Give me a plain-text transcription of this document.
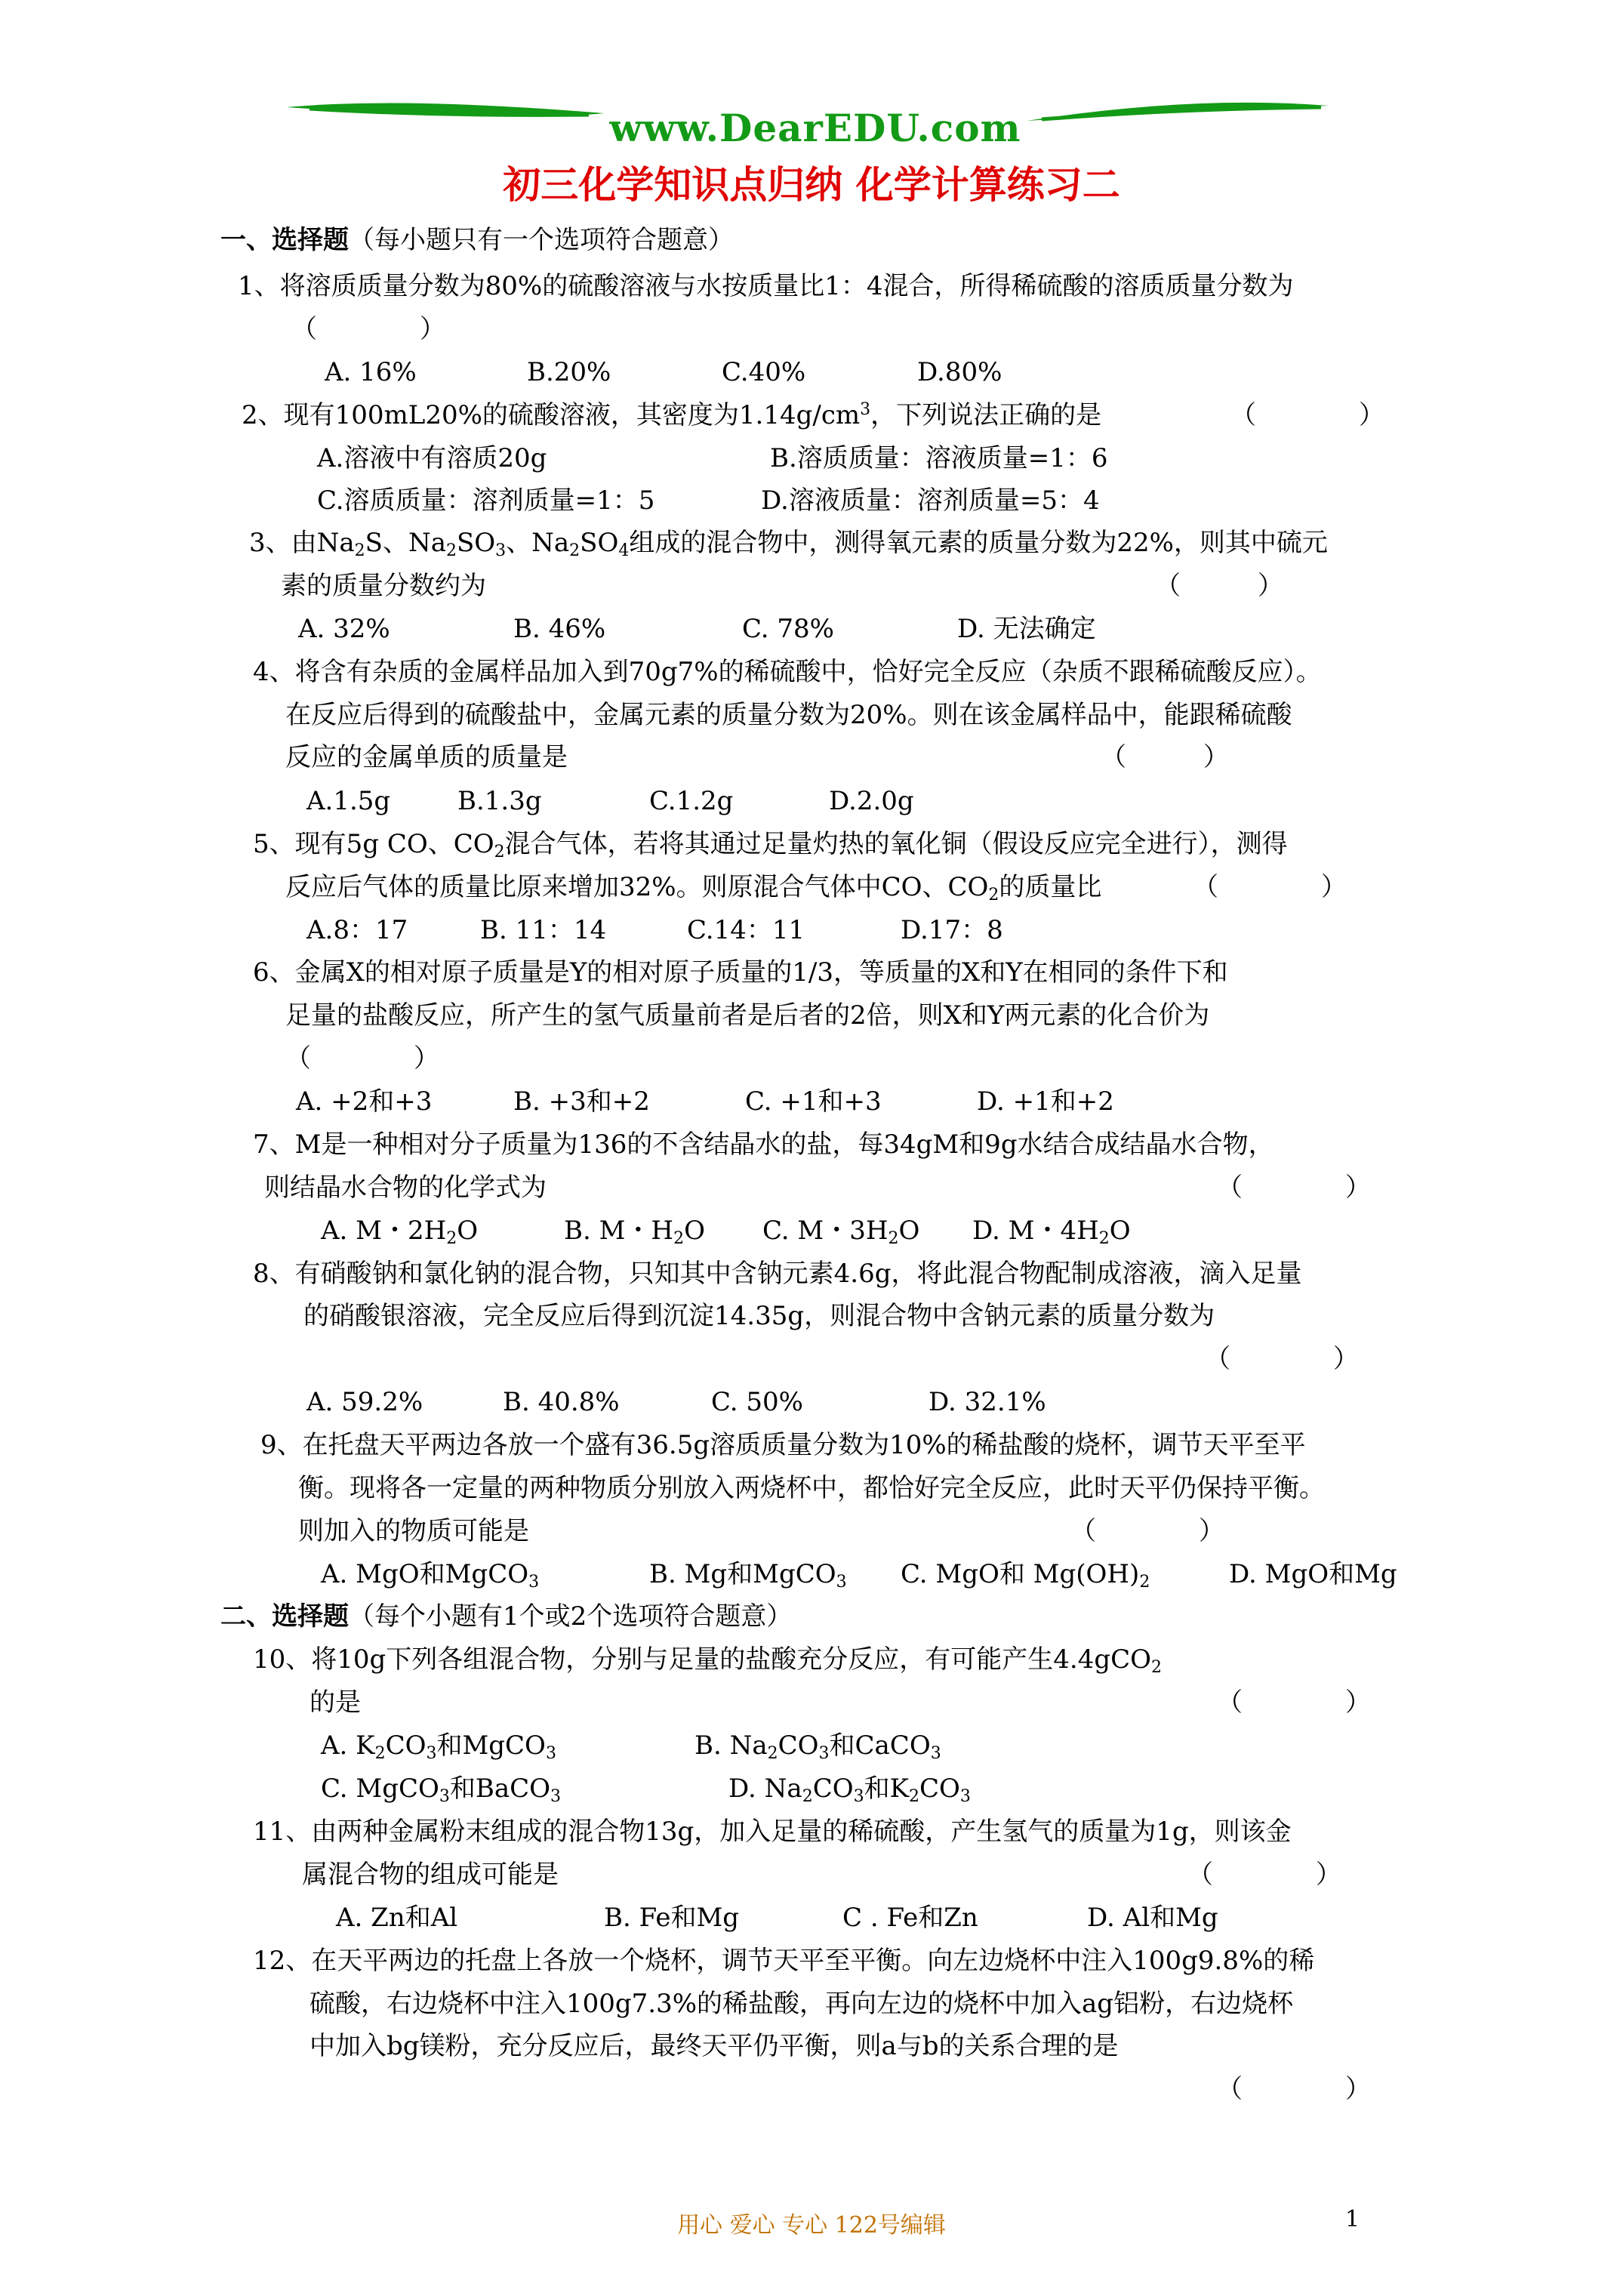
www.DearEDU.com
初三化学知识点归纳 化学计算练习二
一、选择题（每小题只有一个选项符合题意）
1、将溶质质量分数为80%的硫酸溶液与水按质量比1：4混合，所得稀硫酸的溶质质量分数为
（　　　　）
A. 16%	B.20%	C.40%	D.80%
2、现有100mL20%的硫酸溶液，其密度为$1.14g/cm^3$，下列说法正确的是	（　　　　）
A.溶液中有溶质20g	B.溶质质量：溶液质量=1：6
C.溶质质量：溶剂质量=1：5	D.溶液质量：溶剂质量=5：4
3、由$Na_2S$、$Na_2SO_3$、$Na_2SO_4$组成的混合物中，测得氧元素的质量分数为22%，则其中硫元
素的质量分数约为	（　　　）
A. 32%	B. 46%	C. 78%	D. 无法确定
4、将含有杂质的金属样品加入到70g7%的稀硫酸中，恰好完全反应（杂质不跟稀硫酸反应）。
在反应后得到的硫酸盐中，金属元素的质量分数为20%。则在该金属样品中，能跟稀硫酸
反应的金属单质的质量是	（　　　）
A.1.5g	B.1.3g	C.1.2g	D.2.0g
5、现有5g CO、$CO_2$混合气体，若将其通过足量灼热的氧化铜（假设反应完全进行），测得
反应后气体的质量比原来增加32%。则原混合气体中CO、$CO_2$的质量比	（　　　　）
A.8：17	B. 11：14	C.14：11	D.17：8
6、金属X的相对原子质量是Y的相对原子质量的1/3，等质量的X和Y在相同的条件下和
足量的盐酸反应，所产生的氢气质量前者是后者的2倍，则X和Y两元素的化合价为
（　　　　）
A. +2和+3	B. +3和+2	C. +1和+3	D. +1和+2
7、M是一种相对分子质量为136的不含结晶水的盐，每34gM和9g水结合成结晶水合物，
则结晶水合物的化学式为	（　　　　）
A. M・$2H_2O$	B. M・$H_2O$ C. M・$3H_2O$ D. M・$4H_2O$
8、有硝酸钠和氯化钠的混合物，只知其中含钠元素4.6g，将此混合物配制成溶液，滴入足量
的硝酸银溶液，完全反应后得到沉淀14.35g，则混合物中含钠元素的质量分数为
（　　　　）
A. 59.2%	B. 40.8%	C. 50%	D. 32.1%
9、在托盘天平两边各放一个盛有36.5g溶质质量分数为10%的稀盐酸的烧杯，调节天平至平
衡。现将各一定量的两种物质分别放入两烧杯中，都恰好完全反应，此时天平仍保持平衡。
则加入的物质可能是	（　　　　）
A. MgO和MgCO$_3$	B. Mg和MgCO$_3$ C. MgO和 $Mg(OH)_2$	D. MgO和Mg
二、选择题（每个小题有1个或2个选项符合题意）
10、将10g下列各组混合物，分别与足量的盐酸充分反应，有可能产生4.4gCO$_2$
的是	（　　　　）
A. $K_2CO_3$和MgCO$_3$	B. $Na_2CO_3$和CaCO$_3$
C. MgCO$_3$和BaCO$_3$	D. $Na_2CO_3$和$K_2CO_3$
11、由两种金属粉末组成的混合物13g，加入足量的稀硫酸，产生氢气的质量为1g，则该金
属混合物的组成可能是	（　　　　）
A. Zn和Al	B. Fe和Mg	C . Fe和Zn	D. Al和Mg
12、在天平两边的托盘上各放一个烧杯，调节天平至平衡。向左边烧杯中注入100g9.8%的稀
硫酸，右边烧杯中注入100g7.3%的稀盐酸，再向左边的烧杯中加入ag铝粉，右边烧杯
中加入bg镁粉，充分反应后，最终天平仍平衡，则a与b的关系合理的是
（　　　　）
用心 爱心 专心 122号编辑	1
